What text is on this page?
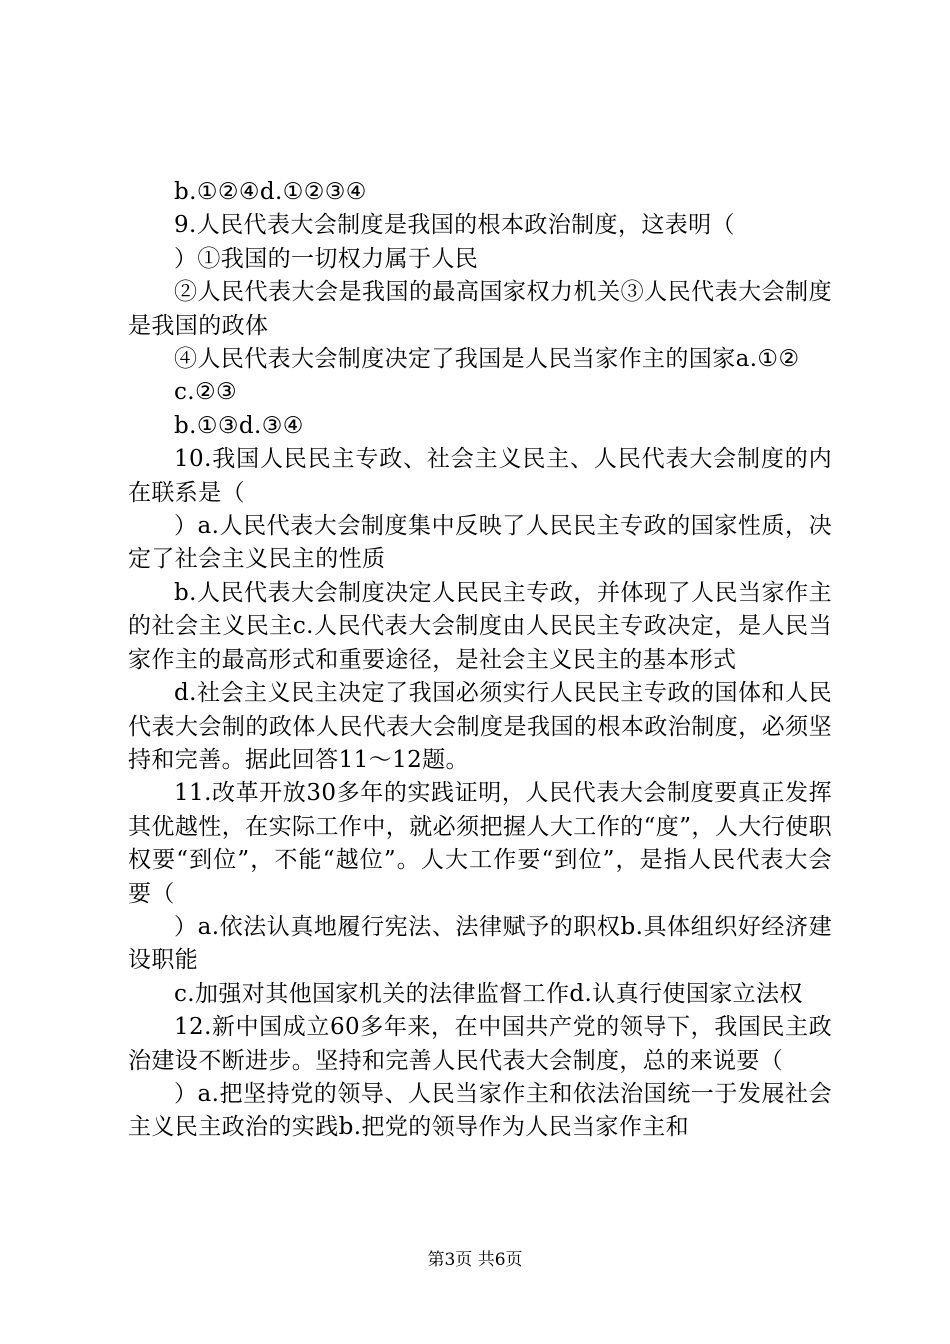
b.①②④d.①②③④

9.人民代表大会制度是我国的根本政治制度，这表明（

）①我国的一切权力属于人民

②人民代表大会是我国的最高国家权力机关③人民代表大会制度是我国的政体

④人民代表大会制度决定了我国是人民当家作主的国家a.①②

c.②③

b.①③d.③④

10.我国人民民主专政、社会主义民主、人民代表大会制度的内在联系是（

）a.人民代表大会制度集中反映了人民民主专政的国家性质，决定了社会主义民主的性质

b.人民代表大会制度决定人民民主专政，并体现了人民当家作主的社会主义民主c.人民代表大会制度由人民民主专政决定，是人民当家作主的最高形式和重要途径，是社会主义民主的基本形式

d.社会主义民主决定了我国必须实行人民民主专政的国体和人民代表大会制的政体人民代表大会制度是我国的根本政治制度，必须坚持和完善。据此回答11～12题。

11.改革开放30多年的实践证明，人民代表大会制度要真正发挥其优越性，在实际工作中，就必须把握人大工作的“度”，人大行使职权要“到位”，不能“越位”。人大工作要“到位”，是指人民代表大会要（

）a.依法认真地履行宪法、法律赋予的职权b.具体组织好经济建设职能

c.加强对其他国家机关的法律监督工作d.认真行使国家立法权

12.新中国成立60多年来，在中国共产党的领导下，我国民主政治建设不断进步。坚持和完善人民代表大会制度，总的来说要（

）a.把坚持党的领导、人民当家作主和依法治国统一于发展社会主义民主政治的实践b.把党的领导作为人民当家作主和

第3页 共6页
